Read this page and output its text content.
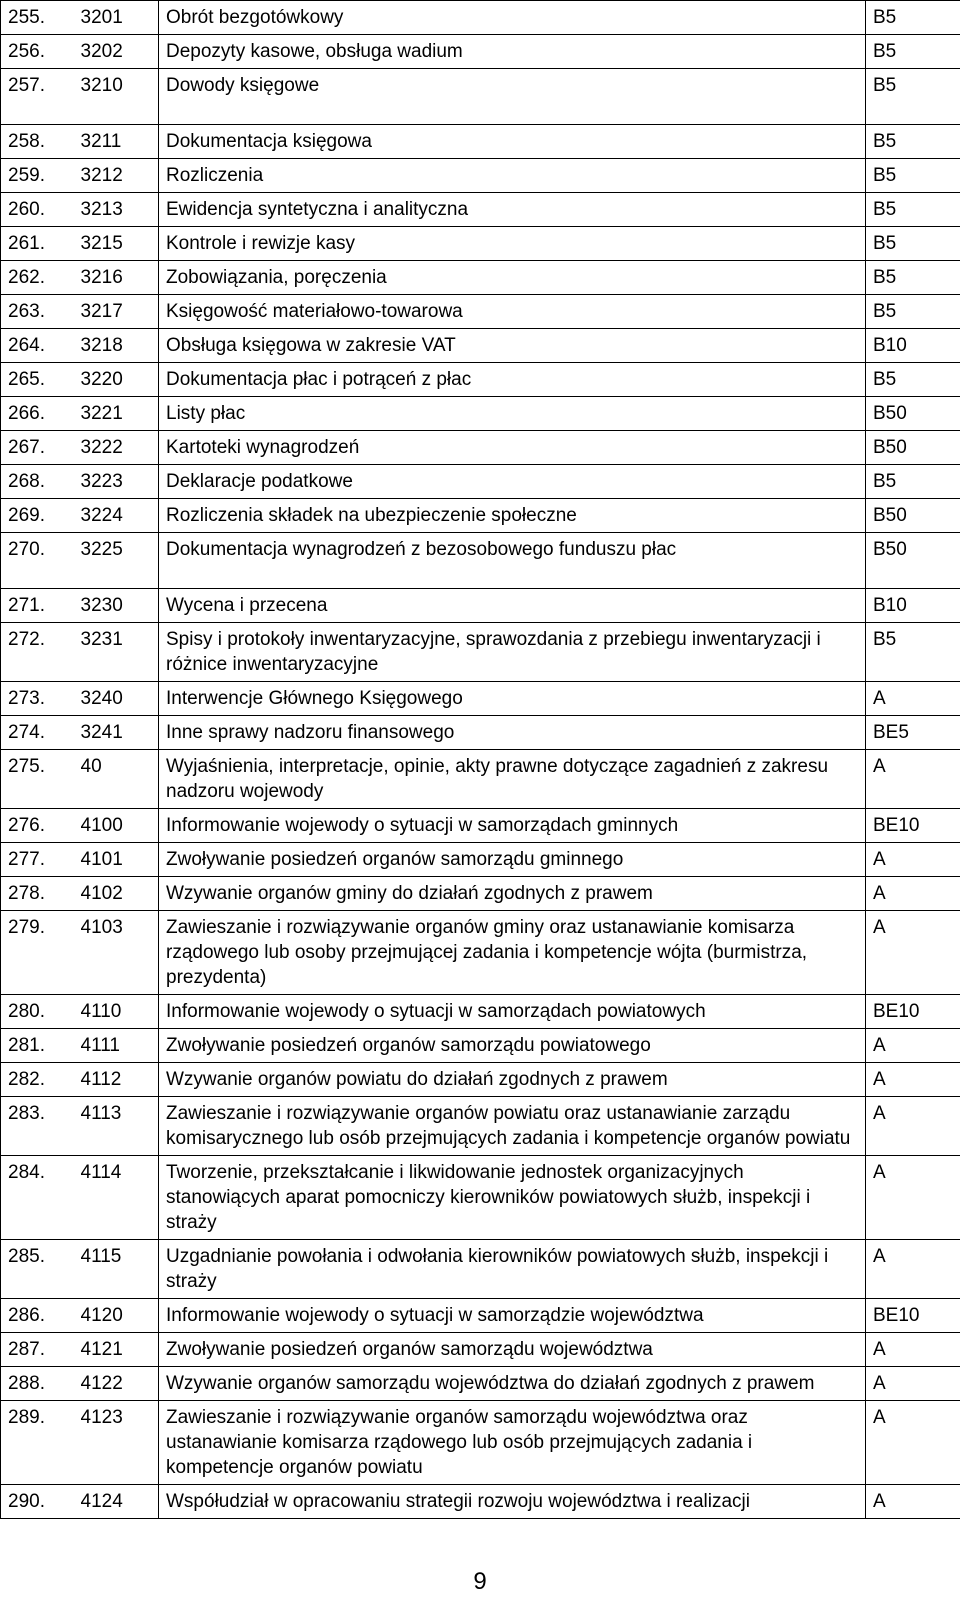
255.	3201	Obrót bezgotówkowy	B5
256.	3202	Depozyty kasowe, obsługa wadium	B5
257.	3210	Dowody księgowe	B5
258.	3211	Dokumentacja księgowa	B5
259.	3212	Rozliczenia	B5
260.	3213	Ewidencja syntetyczna i analityczna	B5
261.	3215	Kontrole i rewizje kasy	B5
262.	3216	Zobowiązania, poręczenia	B5
263.	3217	Księgowość materiałowo-towarowa	B5
264.	3218	Obsługa księgowa w zakresie VAT	B10
265.	3220	Dokumentacja płac i potrąceń z płac	B5
266.	3221	Listy płac	B50
267.	3222	Kartoteki wynagrodzeń	B50
268.	3223	Deklaracje podatkowe	B5
269.	3224	Rozliczenia składek na ubezpieczenie społeczne	B50
270.	3225	Dokumentacja wynagrodzeń z bezosobowego funduszu płac	B50
271.	3230	Wycena i przecena	B10
272.	3231	Spisy i protokoły inwentaryzacyjne, sprawozdania z przebiegu inwentaryzacji i różnice inwentaryzacyjne	B5
273.	3240	Interwencje Głównego Księgowego	A
274.	3241	Inne sprawy nadzoru finansowego	BE5
275.	40	Wyjaśnienia, interpretacje, opinie, akty prawne dotyczące zagadnień z zakresu nadzoru wojewody	A
276.	4100	Informowanie wojewody o sytuacji w samorządach gminnych	BE10
277.	4101	Zwoływanie posiedzeń organów samorządu gminnego	A
278.	4102	Wzywanie organów gminy do działań zgodnych z prawem	A
279.	4103	Zawieszanie i rozwiązywanie organów gminy oraz ustanawianie komisarza rządowego lub osoby przejmującej zadania i kompetencje wójta (burmistrza, prezydenta)	A
280.	4110	Informowanie wojewody o sytuacji w samorządach powiatowych	BE10
281.	4111	Zwoływanie posiedzeń organów samorządu powiatowego	A
282.	4112	Wzywanie organów powiatu do działań zgodnych z prawem	A
283.	4113	Zawieszanie i rozwiązywanie organów powiatu oraz ustanawianie zarządu komisarycznego lub osób przejmujących zadania i kompetencje organów powiatu	A
284.	4114	Tworzenie, przekształcanie i likwidowanie jednostek organizacyjnych stanowiących aparat pomocniczy kierowników powiatowych służb, inspekcji i straży	A
285.	4115	Uzgadnianie powołania i odwołania kierowników powiatowych służb, inspekcji i straży	A
286.	4120	Informowanie wojewody o sytuacji w samorządzie województwa	BE10
287.	4121	Zwoływanie posiedzeń organów samorządu województwa	A
288.	4122	Wzywanie organów samorządu województwa do działań zgodnych z prawem	A
289.	4123	Zawieszanie i rozwiązywanie organów samorządu województwa oraz ustanawianie komisarza rządowego lub osób przejmujących zadania i kompetencje organów powiatu	A
290.	4124	Współudział w opracowaniu strategii rozwoju województwa i realizacji	A
9
